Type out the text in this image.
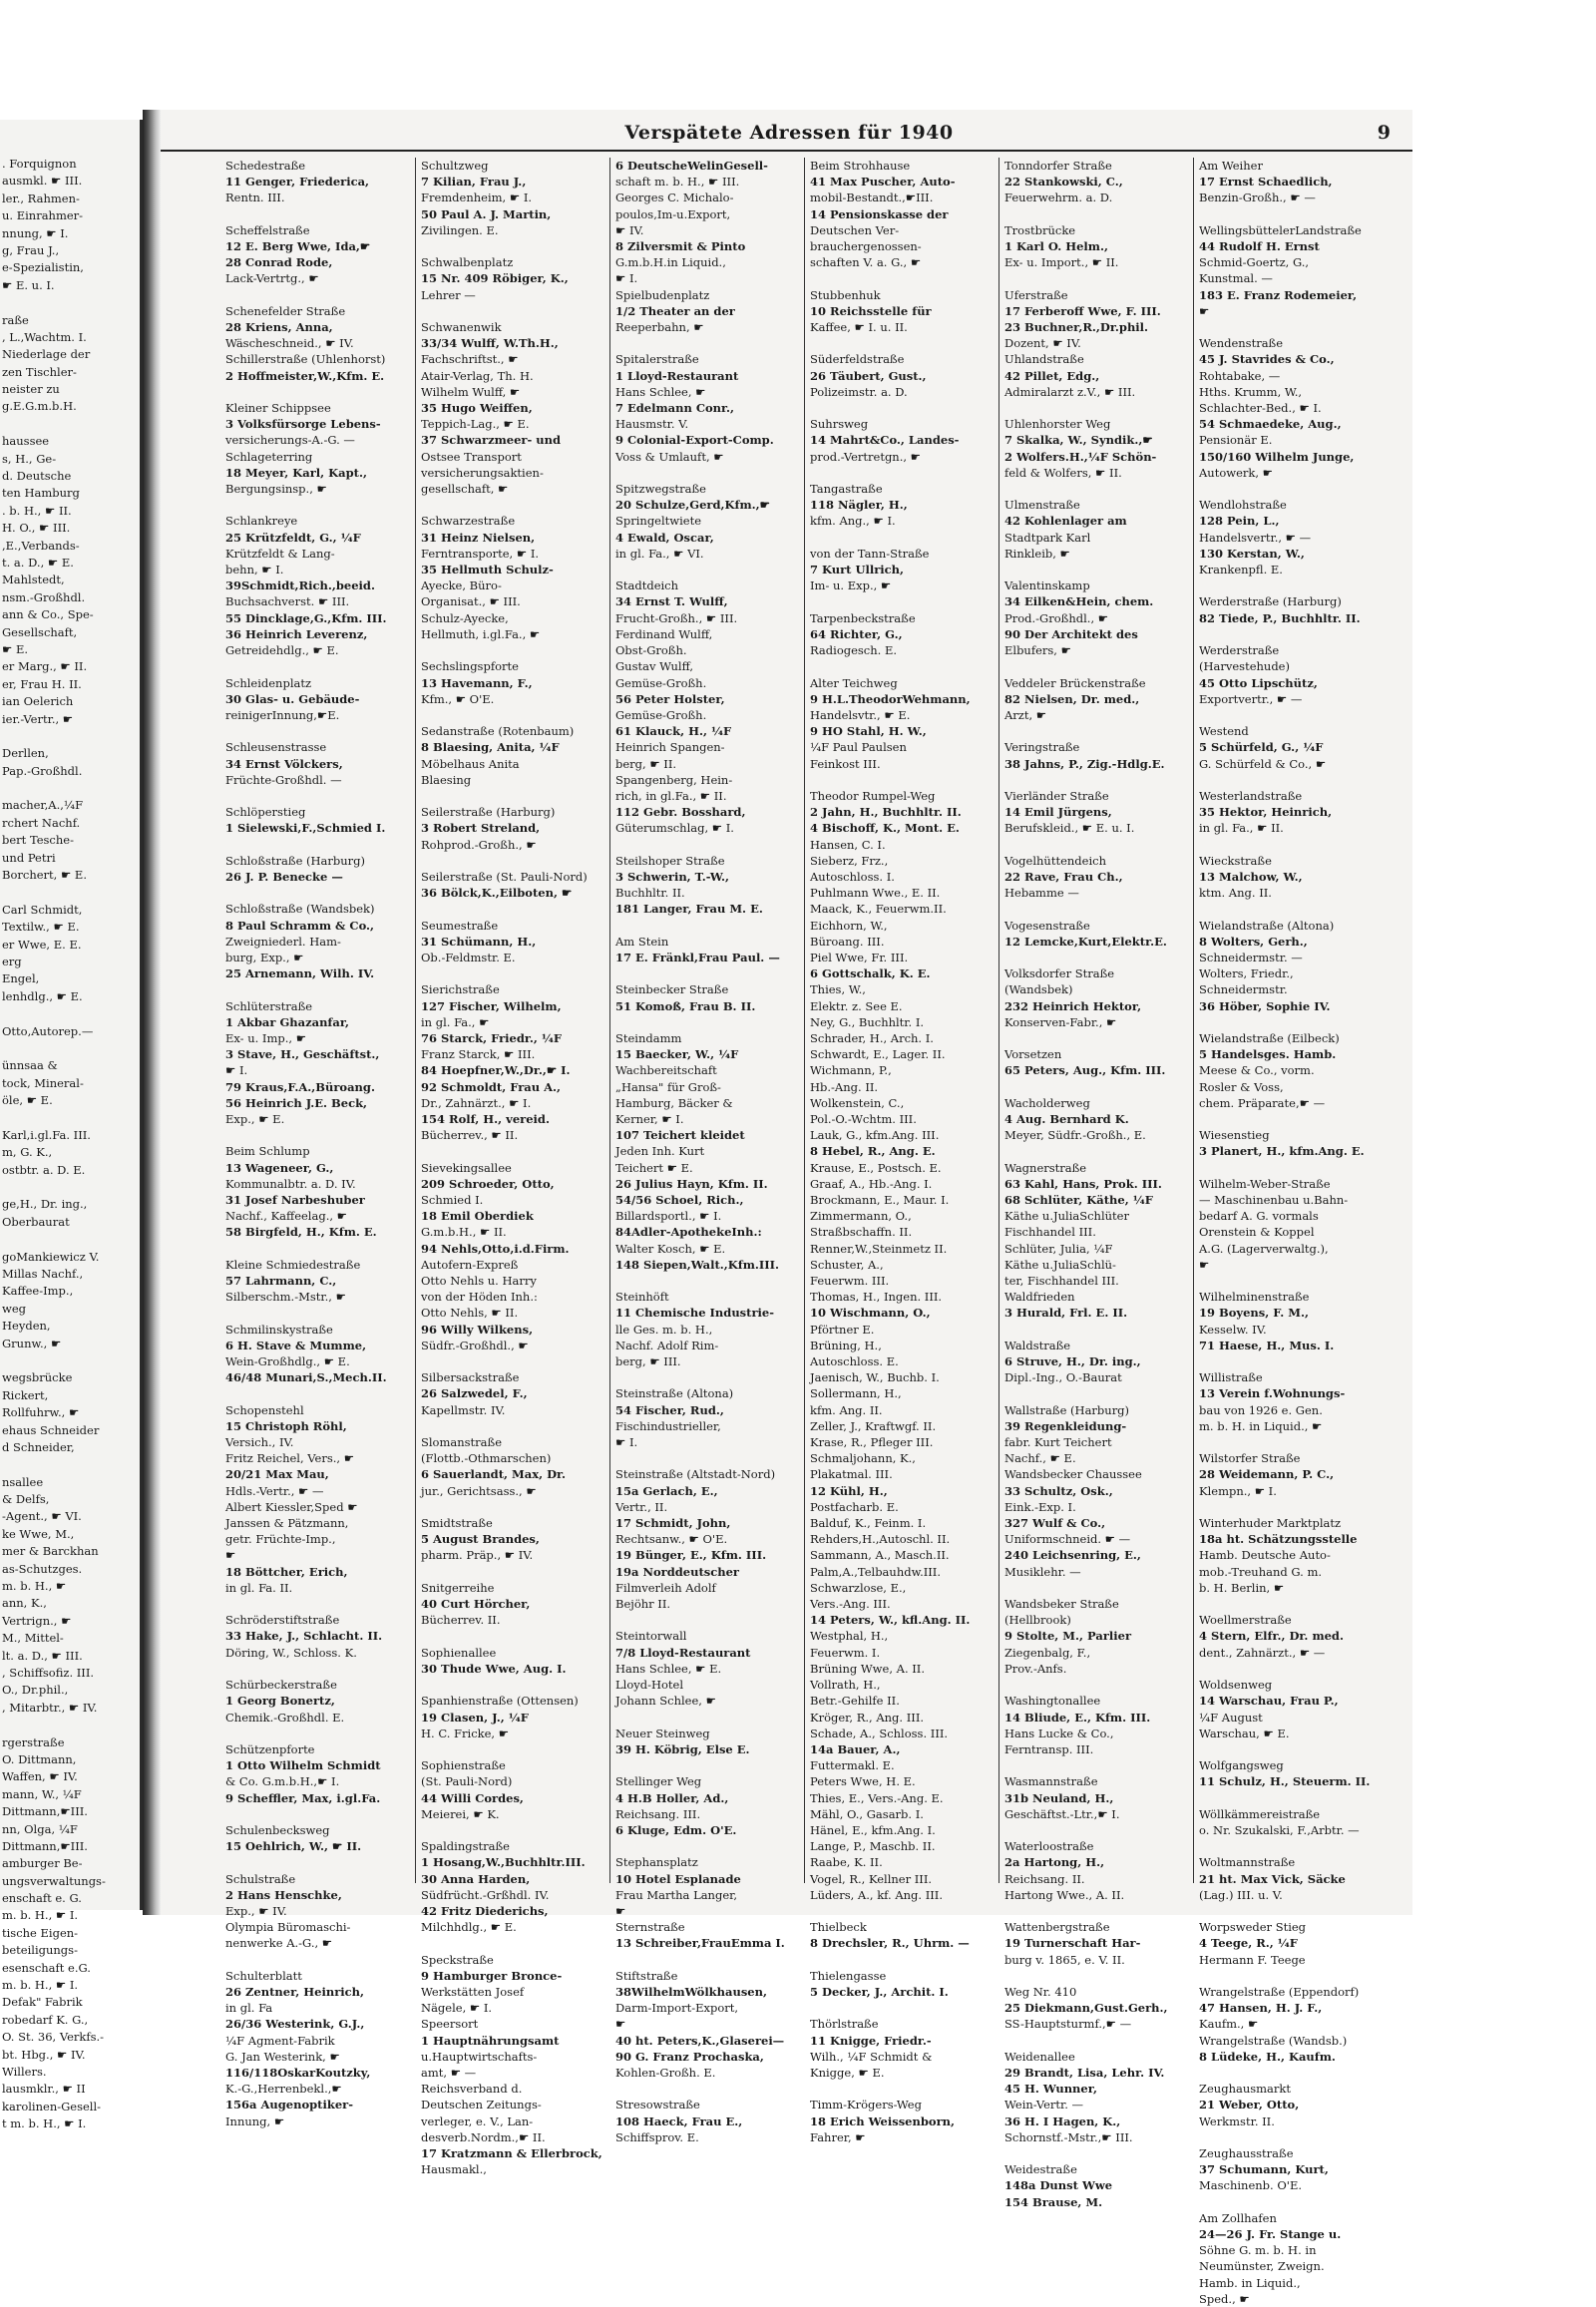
. Forquignon
ausmkl. ☛ III.
ler., Rahmen-
u. Einrahmer-
nnung, ☛ I.
g, Frau J.,
e-Spezialistin,
☛ E. u. I.
raße
, L.,Wachtm. I.
Niederlage der
zen Tischler-
neister zu
g.E.G.m.b.H.
haussee
s, H., Ge-
d. Deutsche
ten Hamburg
. b. H., ☛ II.
H. O., ☛ III.
,E.,Verbands-
t. a. D., ☛ E.
Mahlstedt,
nsm.-Großhdl.
ann & Co., Spe-
Gesellschaft,
☛ E.
er Marg., ☛ II.
er, Frau H. II.
ian Oelerich
ier.-Vertr., ☛
Derllen,
Pap.-Großhdl.
macher,A.,¼F
rchert Nachf.
bert Tesche-
und Petri
Borchert, ☛ E.
Carl Schmidt,
Textilw., ☛ E.
er Wwe, E. E.
erg
Engel,
lenhdlg., ☛ E.
Otto,Autorep.—
ünnsaa &
tock, Mineral-
öle, ☛ E.
Karl,i.gl.Fa. III.
m, G. K.,
ostbtr. a. D. E.
ge,H., Dr. ing.,
Oberbaurat
goMankiewicz V.
Millas Nachf.,
Kaffee-Imp.,
weg
Heyden,
Grunw., ☛
wegsbrücke
Rickert,
Rollfuhrw., ☛
ehaus Schneider
d Schneider,
nsallee
& Delfs,
-Agent., ☛ VI.
ke Wwe, M.,
mer & Barckhan
as-Schutzges.
m. b. H., ☛
ann, K.,
Vertrign., ☛
M., Mittel-
lt. a. D., ☛ III.
, Schiffsofiz. III.
O., Dr.phil.,
, Mitarbtr., ☛ IV.
rgerstraße
O. Dittmann,
Waffen, ☛ IV.
mann, W., ¼F
Dittmann,☛III.
nn, Olga, ¼F
Dittmann,☛III.
amburger Be-
ungsverwaltungs-
enschaft e. G.
m. b. H., ☛ I.
tische Eigen-
beteiligungs-
esenschaft e.G.
m. b. H., ☛ I.
Defak" Fabrik
robedarf K. G.,
O. St. 36, Verkfs.-
bt. Hbg., ☛ IV.
Willers.
lausmklr., ☛ II
karolinen-Gesell-
t m. b. H., ☛ I.
Verspätete Adressen für 1940	9
Schedestraße
11 Genger, Friederica,
Rentn. III.

Scheffelstraße
12 E. Berg Wwe, Ida,☛
28 Conrad Rode,
Lack-Vertrtg., ☛

Schenefelder Straße
28 Kriens, Anna,
Wäscheschneid., ☛ IV.
Schillerstraße (Uhlenhorst)
2 Hoffmeister,W.,Kfm. E.

Kleiner Schippsee
3 Volksfürsorge Lebens-
versicherungs-A.-G. —
Schlageterring
18 Meyer, Karl, Kapt.,
Bergungsinsp., ☛

Schlankreye
25 Krützfeldt, G., ¼F
Krützfeldt & Lang-
behn, ☛ I.
39Schmidt,Rich.,beeid.
Buchsachverst. ☛ III.
55 Dincklage,G.,Kfm. III.
36 Heinrich Leverenz,
Getreidehdlg., ☛ E.

Schleidenplatz
30 Glas- u. Gebäude-
reinigerInnung,☛E.

Schleusenstrasse
34 Ernst Völckers,
Früchte-Großhdl. —

Schlöperstieg
1 Sielewski,F.,Schmied I.

Schloßstraße (Harburg)
26 J. P. Benecke —

Schloßstraße (Wandsbek)
8 Paul Schramm & Co.,
Zweigniederl. Ham-
burg, Exp., ☛
25 Arnemann, Wilh. IV.

Schlüterstraße
1 Akbar Ghazanfar,
Ex- u. Imp., ☛
3 Stave, H., Geschäftst.,
☛ I.
79 Kraus,F.A.,Büroang.
56 Heinrich J.E. Beck,
Exp., ☛ E.

Beim Schlump
13 Wageneer, G.,
Kommunalbtr. a. D. IV.
31 Josef Narbeshuber
Nachf., Kaffeelag., ☛
58 Birgfeld, H., Kfm. E.

Kleine Schmiedestraße
57 Lahrmann, C.,
Silberschm.-Mstr., ☛

Schmilinskystraße
6 H. Stave & Mumme,
Wein-Großhdlg., ☛ E.
46/48 Munari,S.,Mech.II.

Schopenstehl
15 Christoph Röhl,
Versich., IV.
Fritz Reichel, Vers., ☛
20/21 Max Mau,
Hdls.-Vertr., ☛ —
Albert Kiessler,Sped ☛
Janssen & Pätzmann,
getr. Früchte-Imp.,
☛
18 Böttcher, Erich,
in gl. Fa. II.

Schröderstiftstraße
33 Hake, J., Schlacht. II.
Döring, W., Schloss. K.

Schürbeckerstraße
1 Georg Bonertz,
Chemik.-Großhdl. E.

Schützenpforte
1 Otto Wilhelm Schmidt
& Co. G.m.b.H.,☛ I.
9 Scheffler, Max, i.gl.Fa.

Schulenbecksweg
15 Oehlrich, W., ☛ II.

Schulstraße
2 Hans Henschke,
Exp., ☛ IV.
Olympia Büromaschi-
nenwerke A.-G., ☛

Schulterblatt
26 Zentner, Heinrich,
in gl. Fa
26/36 Westerink, G.J.,
¼F Agment-Fabrik
G. Jan Westerink, ☛
116/118OskarKoutzky,
K.-G.,Herrenbekl.,☛
156a Augenoptiker-
Innung, ☛
Schultzweg
7 Kilian, Frau J.,
Fremdenheim, ☛ I.
50 Paul A. J. Martin,
Zivilingen. E.

Schwalbenplatz
15 Nr. 409 Röbiger, K.,
Lehrer —

Schwanenwik
33/34 Wulff, W.Th.H.,
Fachschriftst., ☛
Atair-Verlag, Th. H.
Wilhelm Wulff, ☛
35 Hugo Weiffen,
Teppich-Lag., ☛ E.
37 Schwarzmeer- und
Ostsee Transport
versicherungsaktien-
gesellschaft, ☛

Schwarzestraße
31 Heinz Nielsen,
Ferntransporte, ☛ I.
35 Hellmuth Schulz-
Ayecke, Büro-
Organisat., ☛ III.
Schulz-Ayecke,
Hellmuth, i.gl.Fa., ☛

Sechslingspforte
13 Havemann, F.,
Kfm., ☛ O'E.

Sedanstraße (Rotenbaum)
8 Blaesing, Anita, ¼F
Möbelhaus Anita
Blaesing

Seilerstraße (Harburg)
3 Robert Streland,
Rohprod.-Großh., ☛

Seilerstraße (St. Pauli-Nord)
36 Bölck,K.,Eilboten, ☛

Seumestraße
31 Schümann, H.,
Ob.-Feldmstr. E.

Sierichstraße
127 Fischer, Wilhelm,
in gl. Fa., ☛
76 Starck, Friedr., ¼F
Franz Starck, ☛ III.
84 Hoepfner,W.,Dr.,☛ I.
92 Schmoldt, Frau A.,
Dr., Zahnärzt., ☛ I.
154 Rolf, H., vereid.
Bücherrev., ☛ II.

Sievekingsallee
209 Schroeder, Otto,
Schmied I.
18 Emil Oberdiek
G.m.b.H., ☛ II.
94 Nehls,Otto,i.d.Firm.
Autofern-Expreß
Otto Nehls u. Harry
von der Höden Inh.:
Otto Nehls, ☛ II.
96 Willy Wilkens,
Südfr.-Großhdl., ☛

Silbersackstraße
26 Salzwedel, F.,
Kapellmstr. IV.

Slomanstraße
(Flottb.-Othmarschen)
6 Sauerlandt, Max, Dr.
jur., Gerichtsass., ☛

Smidtstraße
5 August Brandes,
pharm. Präp., ☛ IV.

Snitgerreihe
40 Curt Hörcher,
Bücherrev. II.

Sophienallee
30 Thude Wwe, Aug. I.

Spanhienstraße (Ottensen)
19 Clasen, J., ¼F
H. C. Fricke, ☛

Sophienstraße
(St. Pauli-Nord)
44 Willi Cordes,
Meierei, ☛ K.

Spaldingstraße
1 Hosang,W.,Buchhltr.III.
30 Anna Harden,
Südfrücht.-Grßhdl. IV.
42 Fritz Diederichs,
Milchhdlg., ☛ E.

Speckstraße
9 Hamburger Bronce-
Werkstätten Josef
Nägele, ☛ I.
Speersort
1 Hauptnährungsamt
u.Hauptwirtschafts-
amt, ☛ —
Reichsverband d.
Deutschen Zeitungs-
verleger, e. V., Lan-
desverb.Nordm.,☛ II.
17 Kratzmann & Ellerbrock,
Hausmakl.,
6 DeutscheWelinGesell-
schaft m. b. H., ☛ III.
Georges C. Michalo-
poulos,Im-u.Export,
☛ IV.
8 Zilversmit & Pinto
G.m.b.H.in Liquid.,
☛ I.
Spielbudenplatz
1/2 Theater an der
Reeperbahn, ☛

Spitalerstraße
1 Lloyd-Restaurant
Hans Schlee, ☛
7 Edelmann Conr.,
Hausmstr. V.
9 Colonial-Export-Comp.
Voss & Umlauft, ☛

Spitzwegstraße
20 Schulze,Gerd,Kfm.,☛
Springeltwiete
4 Ewald, Oscar,
in gl. Fa., ☛ VI.

Stadtdeich
34 Ernst T. Wulff,
Frucht-Großh., ☛ III.
Ferdinand Wulff,
Obst-Großh.
Gustav Wulff,
Gemüse-Großh.
56 Peter Holster,
Gemüse-Großh.
61 Klauck, H., ¼F
Heinrich Spangen-
berg, ☛ II.
Spangenberg, Hein-
rich, in gl.Fa., ☛ II.
112 Gebr. Bosshard,
Güterumschlag, ☛ I.

Steilshoper Straße
3 Schwerin, T.-W.,
Buchhltr. II.
181 Langer, Frau M. E.

Am Stein
17 E. Fränkl,Frau Paul. —

Steinbecker Straße
51 Komoß, Frau B. II.

Steindamm
15 Baecker, W., ¼F
Wachbereitschaft
„Hansa" für Groß-
Hamburg, Bäcker &
Kerner, ☛ I.
107 Teichert kleidet
Jeden Inh. Kurt
Teichert ☛ E.
26 Julius Hayn, Kfm. II.
54/56 Schoel, Rich.,
Billardsportl., ☛ I.
84Adler-ApothekeInh.:
Walter Kosch, ☛ E.
148 Siepen,Walt.,Kfm.III.

Steinhöft
11 Chemische Industrie-
lle Ges. m. b. H.,
Nachf. Adolf Rim-
berg, ☛ III.

Steinstraße (Altona)
54 Fischer, Rud.,
Fischindustrieller,
☛ I.

Steinstraße (Altstadt-Nord)
15a Gerlach, E.,
Vertr., II.
17 Schmidt, John,
Rechtsanw., ☛ O'E.
19 Bünger, E., Kfm. III.
19a Norddeutscher
Filmverleih Adolf
Bejöhr II.

Steintorwall
7/8 Lloyd-Restaurant
Hans Schlee, ☛ E.
Lloyd-Hotel
Johann Schlee, ☛

Neuer Steinweg
39 H. Köbrig, Else E.

Stellinger Weg
4 H.B Holler, Ad.,
Reichsang. III.
6 Kluge, Edm. O'E.

Stephansplatz
10 Hotel Esplanade
Frau Martha Langer,
☛
Sternstraße
13 Schreiber,FrauEmma I.

Stiftstraße
38WilhelmWölkhausen,
Darm-Import-Export,
☛
40 ht. Peters,K.,Glaserei—
90 G. Franz Prochaska,
Kohlen-Großh. E.

Stresowstraße
108 Haeck, Frau E.,
Schiffsprov. E.
Beim Strohhause
41 Max Puscher, Auto-
mobil-Bestandt.,☛III.
14 Pensionskasse der
Deutschen Ver-
brauchergenossen-
schaften V. a. G., ☛

Stubbenhuk
10 Reichsstelle für
Kaffee, ☛ I. u. II.

Süderfeldstraße
26 Täubert, Gust.,
Polizeimstr. a. D.

Suhrsweg
14 Mahrt&Co., Landes-
prod.-Vertretgn., ☛

Tangastraße
118 Nägler, H.,
kfm. Ang., ☛ I.

von der Tann-Straße
7 Kurt Ullrich,
Im- u. Exp., ☛

Tarpenbeckstraße
64 Richter, G.,
Radiogesch. E.

Alter Teichweg
9 H.L.TheodorWehmann,
Handelsvtr., ☛ E.
9 HO Stahl, H. W.,
¼F Paul Paulsen
Feinkost III.

Theodor Rumpel-Weg
2 Jahn, H., Buchhltr. II.
4 Bischoff, K., Mont. E.
Hansen, C. I.
Sieberz, Frz.,
Autoschloss. I.
Puhlmann Wwe., E. II.
Maack, K., Feuerwm.II.
Eichhorn, W.,
Büroang. III.
Piel Wwe, Fr. III.
6 Gottschalk, K. E.
Thies, W.,
Elektr. z. See E.
Ney, G., Buchhltr. I.
Schrader, H., Arch. I.
Schwardt, E., Lager. II.
Wichmann, P.,
Hb.-Ang. II.
Wolkenstein, C.,
Pol.-O.-Wchtm. III.
Lauk, G., kfm.Ang. III.
8 Hebel, R., Ang. E.
Krause, E., Postsch. E.
Graaf, A., Hb.-Ang. I.
Brockmann, E., Maur. I.
Zimmermann, O.,
Straßbschaffn. II.
Renner,W.,Steinmetz II.
Schuster, A.,
Feuerwm. III.
Thomas, H., Ingen. III.
10 Wischmann, O.,
Pförtner E.
Brüning, H.,
Autoschloss. E.
Jaenisch, W., Buchb. I.
Sollermann, H.,
kfm. Ang. II.
Zeller, J., Kraftwgf. II.
Krase, R., Pfleger III.
Schmaljohann, K.,
Plakatmal. III.
12 Kühl, H.,
Postfacharb. E.
Balduf, K., Feinm. I.
Rehders,H.,Autoschl. II.
Sammann, A., Masch.II.
Palm,A.,Telbauhdw.III.
Schwarzlose, E.,
Vers.-Ang. III.
14 Peters, W., kfl.Ang. II.
Westphal, H.,
Feuerwm. I.
Brüning Wwe, A. II.
Vollrath, H.,
Betr.-Gehilfe II.
Kröger, R., Ang. III.
Schade, A., Schloss. III.
14a Bauer, A.,
Futtermakl. E.
Peters Wwe, H. E.
Thies, E., Vers.-Ang. E.
Mähl, O., Gasarb. I.
Hänel, E., kfm.Ang. I.
Lange, P., Maschb. II.
Raabe, K. II.
Vogel, R., Kellner III.
Lüders, A., kf. Ang. III.

Thielbeck
8 Drechsler, R., Uhrm. —

Thielengasse
5 Decker, J., Archit. I.

Thörlstraße
11 Knigge, Friedr.-
Wilh., ¼F Schmidt &
Knigge, ☛ E.

Timm-Krögers-Weg
18 Erich Weissenborn,
Fahrer, ☛
Tonndorfer Straße
22 Stankowski, C.,
Feuerwehrm. a. D.

Trostbrücke
1 Karl O. Helm.,
Ex- u. Import., ☛ II.

Uferstraße
17 Ferberoff Wwe, F. III.
23 Buchner,R.,Dr.phil.
Dozent, ☛ IV.
Uhlandstraße
42 Pillet, Edg.,
Admiralarzt z.V., ☛ III.

Uhlenhorster Weg
7 Skalka, W., Syndik.,☛
2 Wolfers.H.,¼F Schön-
feld & Wolfers, ☛ II.

Ulmenstraße
42 Kohlenlager am
Stadtpark Karl
Rinkleib, ☛

Valentinskamp
34 Eilken&Hein, chem.
Prod.-Großhdl., ☛
90 Der Architekt des
Elbufers, ☛

Veddeler Brückenstraße
82 Nielsen, Dr. med.,
Arzt, ☛

Veringstraße
38 Jahns, P., Zig.-Hdlg.E.

Vierländer Straße
14 Emil Jürgens,
Berufskleid., ☛ E. u. I.

Vogelhüttendeich
22 Rave, Frau Ch.,
Hebamme —

Vogesenstraße
12 Lemcke,Kurt,Elektr.E.

Volksdorfer Straße
(Wandsbek)
232 Heinrich Hektor,
Konserven-Fabr., ☛

Vorsetzen
65 Peters, Aug., Kfm. III.

Wacholderweg
4 Aug. Bernhard K.
Meyer, Südfr.-Großh., E.

Wagnerstraße
63 Kahl, Hans, Prok. III.
68 Schlüter, Käthe, ¼F
Käthe u.JuliaSchlüter
Fischhandel III.
Schlüter, Julia, ¼F
Käthe u.JuliaSchlü-
ter, Fischhandel III.
Waldfrieden
3 Hurald, Frl. E. II.

Waldstraße
6 Struve, H., Dr. ing.,
Dipl.-Ing., O.-Baurat

Wallstraße (Harburg)
39 Regenkleidung-
fabr. Kurt Teichert
Nachf., ☛ E.
Wandsbecker Chaussee
33 Schultz, Osk.,
Eink.-Exp. I.
327 Wulf & Co.,
Uniformschneid. ☛ —
240 Leichsenring, E.,
Musiklehr. —

Wandsbeker Straße
(Hellbrook)
9 Stolte, M., Parlier
Ziegenbalg, F.,
Prov.-Anfs.

Washingtonallee
14 Bliude, E., Kfm. III.
Hans Lucke & Co.,
Ferntransp. III.

Wasmannstraße
31b Neuland, H.,
Geschäftst.-Ltr.,☛ I.

Waterloostraße
2a Hartong, H.,
Reichsang. II.
Hartong Wwe., A. II.

Wattenbergstraße
19 Turnerschaft Har-
burg v. 1865, e. V. II.

Weg Nr. 410
25 Diekmann,Gust.Gerh.,
SS-Hauptsturmf.,☛ —

Weidenallee
29 Brandt, Lisa, Lehr. IV.
45 H. Wunner,
Wein-Vertr. —
36 H. I Hagen, K.,
Schornstf.-Mstr.,☛ III.

Weidestraße
148a Dunst Wwe
154 Brause, M.
Am Weiher
17 Ernst Schaedlich,
Benzin-Großh., ☛ —

WellingsbüttelerLandstraße
44 Rudolf H. Ernst
Schmid-Goertz, G.,
Kunstmal. —
183 E. Franz Rodemeier,
☛

Wendenstraße
45 J. Stavrides & Co.,
Rohtabake, —
Hths. Krumm, W.,
Schlachter-Bed., ☛ I.
54 Schmaedeke, Aug.,
Pensionär E.
150/160 Wilhelm Junge,
Autowerk, ☛

Wendlohstraße
128 Pein, L.,
Handelsvertr., ☛ —
130 Kerstan, W.,
Krankenpfl. E.

Werderstraße (Harburg)
82 Tiede, P., Buchhltr. II.

Werderstraße
(Harvestehude)
45 Otto Lipschütz,
Exportvertr., ☛ —

Westend
5 Schürfeld, G., ¼F
G. Schürfeld & Co., ☛

Westerlandstraße
35 Hektor, Heinrich,
in gl. Fa., ☛ II.

Wieckstraße
13 Malchow, W.,
ktm. Ang. II.

Wielandstraße (Altona)
8 Wolters, Gerh.,
Schneidermstr. —
Wolters, Friedr.,
Schneidermstr.
36 Höber, Sophie IV.

Wielandstraße (Eilbeck)
5 Handelsges. Hamb.
Meese & Co., vorm.
Rosler & Voss,
chem. Präparate,☛ —

Wiesenstieg
3 Planert, H., kfm.Ang. E.

Wilhelm-Weber-Straße
— Maschinenbau u.Bahn-
bedarf A. G. vormals
Orenstein & Koppel
A.G. (Lagerverwaltg.),
☛

Wilhelminenstraße
19 Boyens, F. M.,
Kesselw. IV.
71 Haese, H., Mus. I.

Willistraße
13 Verein f.Wohnungs-
bau von 1926 e. Gen.
m. b. H. in Liquid., ☛

Wilstorfer Straße
28 Weidemann, P. C.,
Klempn., ☛ I.

Winterhuder Marktplatz
18a ht. Schätzungsstelle
Hamb. Deutsche Auto-
mob.-Treuhand G. m.
b. H. Berlin, ☛

Woellmerstraße
4 Stern, Elfr., Dr. med.
dent., Zahnärzt., ☛ —

Woldsenweg
14 Warschau, Frau P.,
¼F August
Warschau, ☛ E.

Wolfgangsweg
11 Schulz, H., Steuerm. II.

Wöllkämmereistraße
o. Nr. Szukalski, F.,Arbtr. —

Woltmannstraße
21 ht. Max Vick, Säcke
(Lag.) III. u. V.

Worpsweder Stieg
4 Teege, R., ¼F
Hermann F. Teege

Wrangelstraße (Eppendorf)
47 Hansen, H. J. F.,
Kaufm., ☛
Wrangelstraße (Wandsb.)
8 Lüdeke, H., Kaufm.

Zeughausmarkt
21 Weber, Otto,
Werkmstr. II.

Zeughausstraße
37 Schumann, Kurt,
Maschinenb. O'E.

Am Zollhafen
24—26 J. Fr. Stange u.
Söhne G. m. b. H. in
Neumünster, Zweign.
Hamb. in Liquid.,
Sped., ☛
